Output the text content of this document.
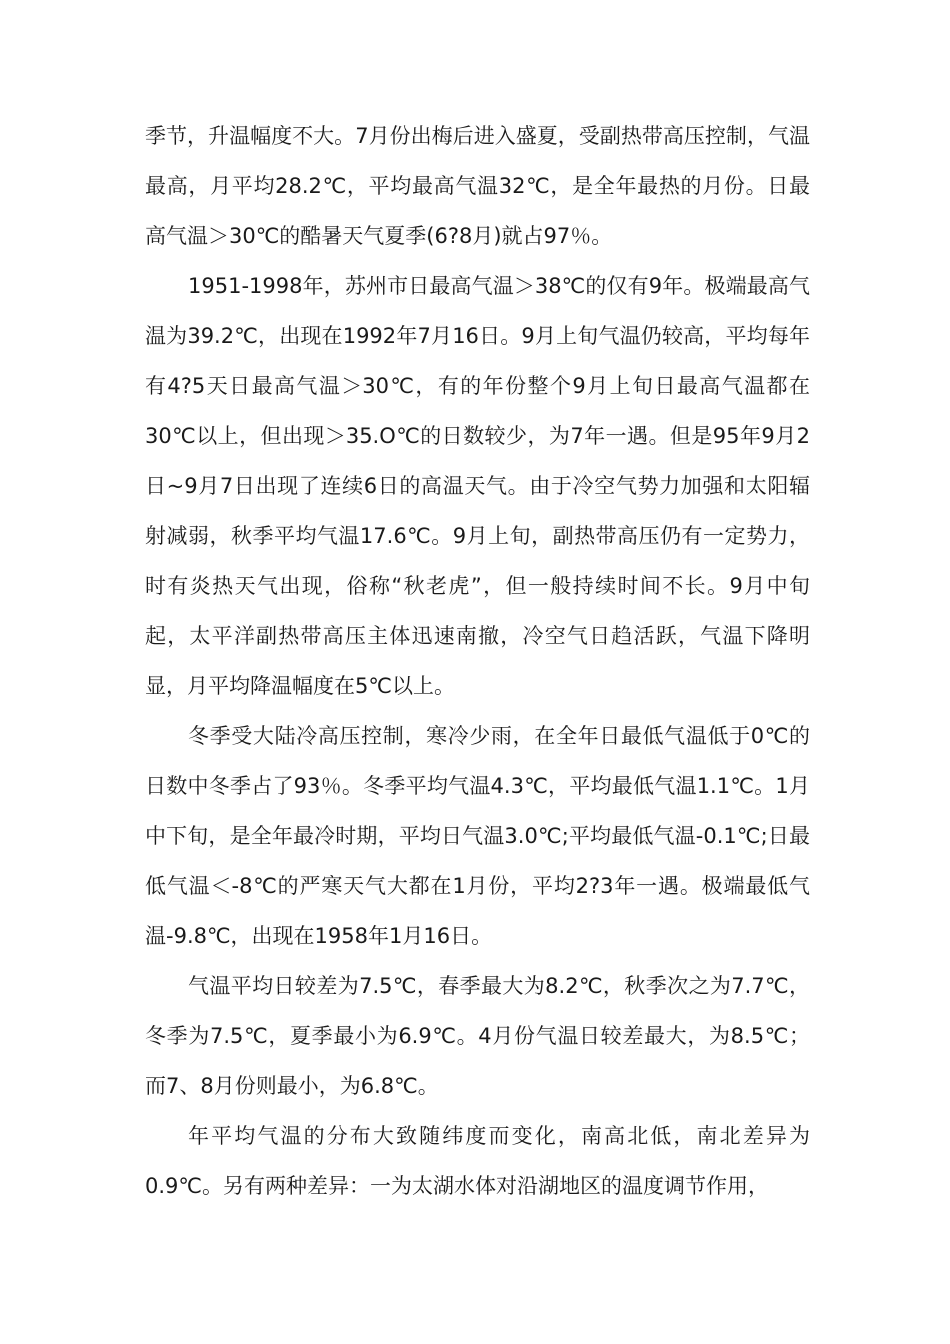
季节，升温幅度不大。7月份出梅后进入盛夏，受副热带高压控制，气温最高，月平均28.2℃，平均最高气温32℃，是全年最热的月份。日最高气温＞30℃的酷暑天气夏季(6?8月)就占97％。

1951-1998年，苏州市日最高气温＞38℃的仅有9年。极端最高气温为39.2℃，出现在1992年7月16日。9月上旬气温仍较高，平均每年有4?5天日最高气温＞30℃，有的年份整个9月上旬日最高气温都在30℃以上，但出现＞35.O℃的日数较少，为7年一遇。但是95年9月2日~9月7日出现了连续6日的高温天气。由于冷空气势力加强和太阳辐射减弱，秋季平均气温17.6℃。9月上旬，副热带高压仍有一定势力，时有炎热天气出现，俗称“秋老虎”，但一般持续时间不长。9月中旬起，太平洋副热带高压主体迅速南撤，冷空气日趋活跃，气温下降明显，月平均降温幅度在5℃以上。

冬季受大陆冷高压控制，寒冷少雨，在全年日最低气温低于0℃的日数中冬季占了93％。冬季平均气温4.3℃，平均最低气温1.1℃。1月中下旬，是全年最冷时期，平均日气温3.0℃;平均最低气温-0.1℃;日最低气温＜-8℃的严寒天气大都在1月份，平均2?3年一遇。极端最低气温-9.8℃，出现在1958年1月16日。

气温平均日较差为7.5℃，春季最大为8.2℃，秋季次之为7.7℃，冬季为7.5℃，夏季最小为6.9℃。4月份气温日较差最大，为8.5℃；而7、8月份则最小，为6.8℃。

年平均气温的分布大致随纬度而变化，南高北低，南北差异为0.9℃。另有两种差异：一为太湖水体对沿湖地区的温度调节作用，
